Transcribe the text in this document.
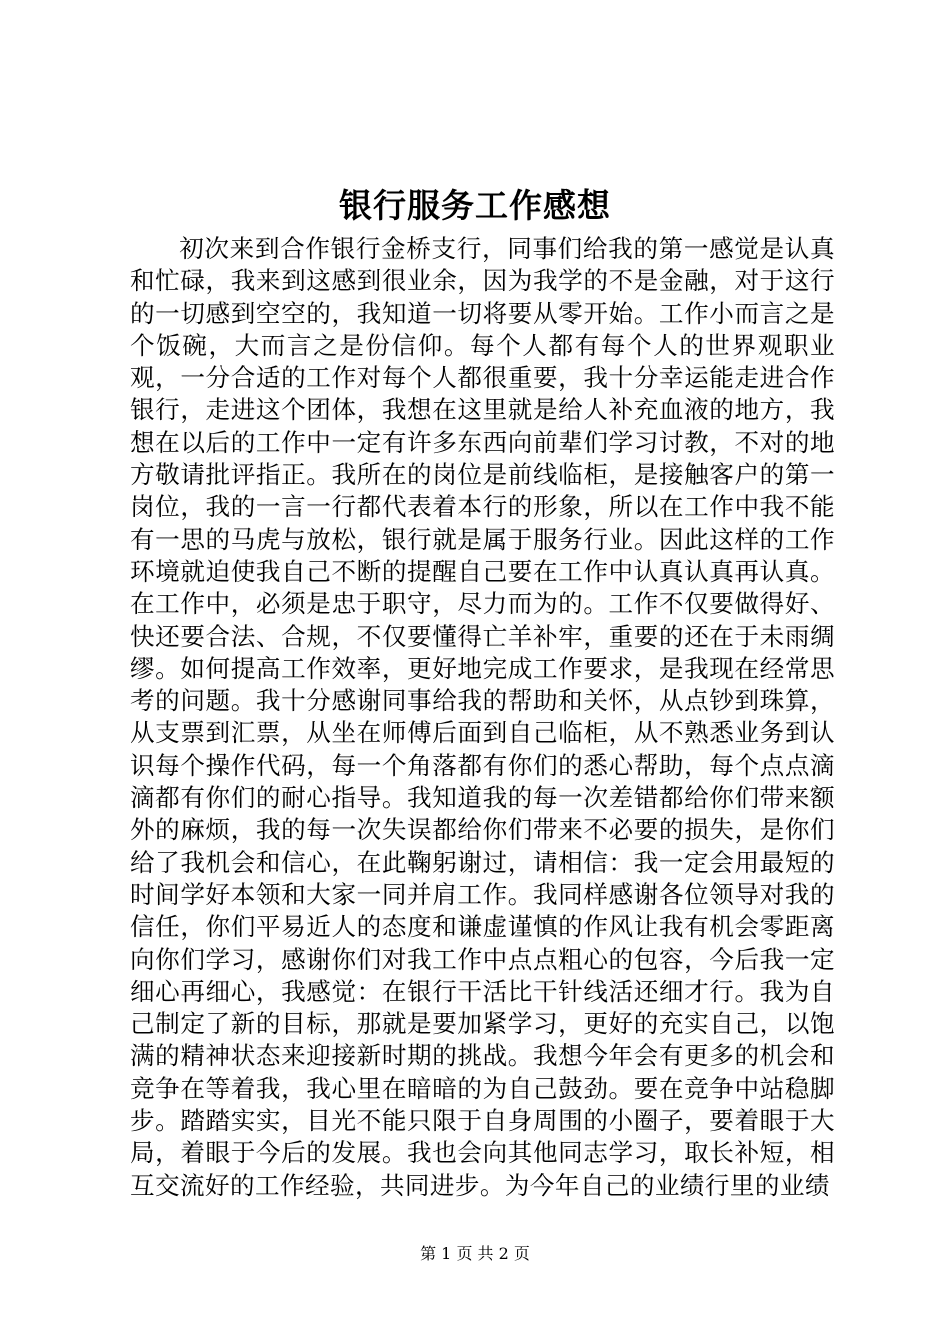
银行服务工作感想

初次来到合作银行金桥支行，同事们给我的第一感觉是认真和忙碌，我来到这感到很业余，因为我学的不是金融，对于这行的一切感到空空的，我知道一切将要从零开始。工作小而言之是个饭碗，大而言之是份信仰。每个人都有每个人的世界观职业观，一分合适的工作对每个人都很重要，我十分幸运能走进合作银行，走进这个团体，我想在这里就是给人补充血液的地方，我想在以后的工作中一定有许多东西向前辈们学习讨教，不对的地方敬请批评指正。我所在的岗位是前线临柜，是接触客户的第一岗位，我的一言一行都代表着本行的形象，所以在工作中我不能有一思的马虎与放松，银行就是属于服务行业。因此这样的工作环境就迫使我自己不断的提醒自己要在工作中认真认真再认真。在工作中，必须是忠于职守，尽力而为的。工作不仅要做得好、快还要合法、合规，不仅要懂得亡羊补牢，重要的还在于未雨绸缪。如何提高工作效率，更好地完成工作要求，是我现在经常思考的问题。我十分感谢同事给我的帮助和关怀，从点钞到珠算，从支票到汇票，从坐在师傅后面到自己临柜，从不熟悉业务到认识每个操作代码，每一个角落都有你们的悉心帮助，每个点点滴滴都有你们的耐心指导。我知道我的每一次差错都给你们带来额外的麻烦，我的每一次失误都给你们带来不必要的损失，是你们给了我机会和信心，在此鞠躬谢过，请相信：我一定会用最短的时间学好本领和大家一同并肩工作。我同样感谢各位领导对我的信任，你们平易近人的态度和谦虚谨慎的作风让我有机会零距离向你们学习，感谢你们对我工作中点点粗心的包容，今后我一定细心再细心，我感觉：在银行干活比干针线活还细才行。我为自己制定了新的目标，那就是要加紧学习，更好的充实自己，以饱满的精神状态来迎接新时期的挑战。我想今年会有更多的机会和竞争在等着我，我心里在暗暗的为自己鼓劲。要在竞争中站稳脚步。踏踏实实，目光不能只限于自身周围的小圈子，要着眼于大局，着眼于今后的发展。我也会向其他同志学习，取长补短，相互交流好的工作经验，共同进步。为今年自己的业绩行里的业绩

第 1 页 共 2 页
